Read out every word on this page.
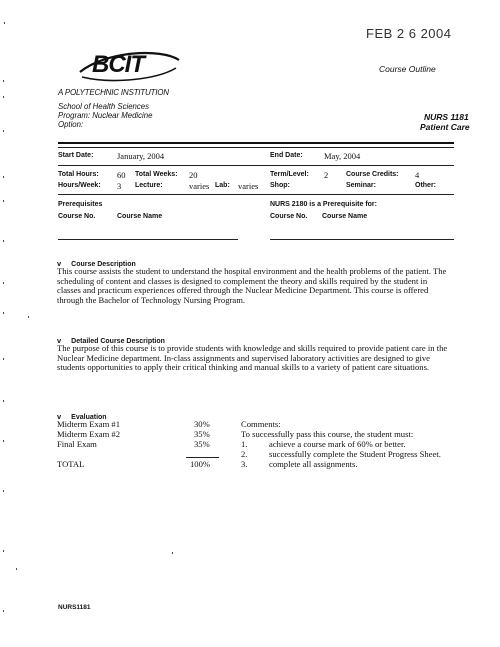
FEB 2 6 2004
BCIT
A POLYTECHNIC INSTITUTION
Course Outline
School of Health Sciences
Program: Nuclear Medicine
Option:
NURS 1181
Patient Care
Start Date:	January, 2004	End Date:	May, 2004
Total Hours: 60 Total Weeks: 20	Term/Level: 2	Course Credits: 4
Hours/Week: 3 Lecture:	varies Lab: varies Shop:	Seminar:	Other:
Prerequisites	NURS 2180 is a Prerequisite for:
Course No.	Course Name	Course No. Course Name
v Course Description
This course assists the student to understand the hospital environment and the health problems of the patient. The scheduling of content and classes is designed to complement the theory and skills required by the student in classes and practicum experiences offered through the Nuclear Medicine Department. This course is offered through the Bachelor of Technology Nursing Program.
v Detailed Course Description
The purpose of this course is to provide students with knowledge and skills required to provide patient care in the Nuclear Medicine department. In-class assignments and supervised laboratory activities are designed to give students opportunities to apply their critical thinking and manual skills to a variety of patient care situations.
v Evaluation
Midterm Exam #1	30%
Midterm Exam #2	35%
Final Exam	35%
TOTAL	100%
Comments:
To successfully pass this course, the student must:
1.	achieve a course mark of 60% or better.
2.	successfully complete the Student Progress Sheet.
3.	complete all assignments.
NURS1181
